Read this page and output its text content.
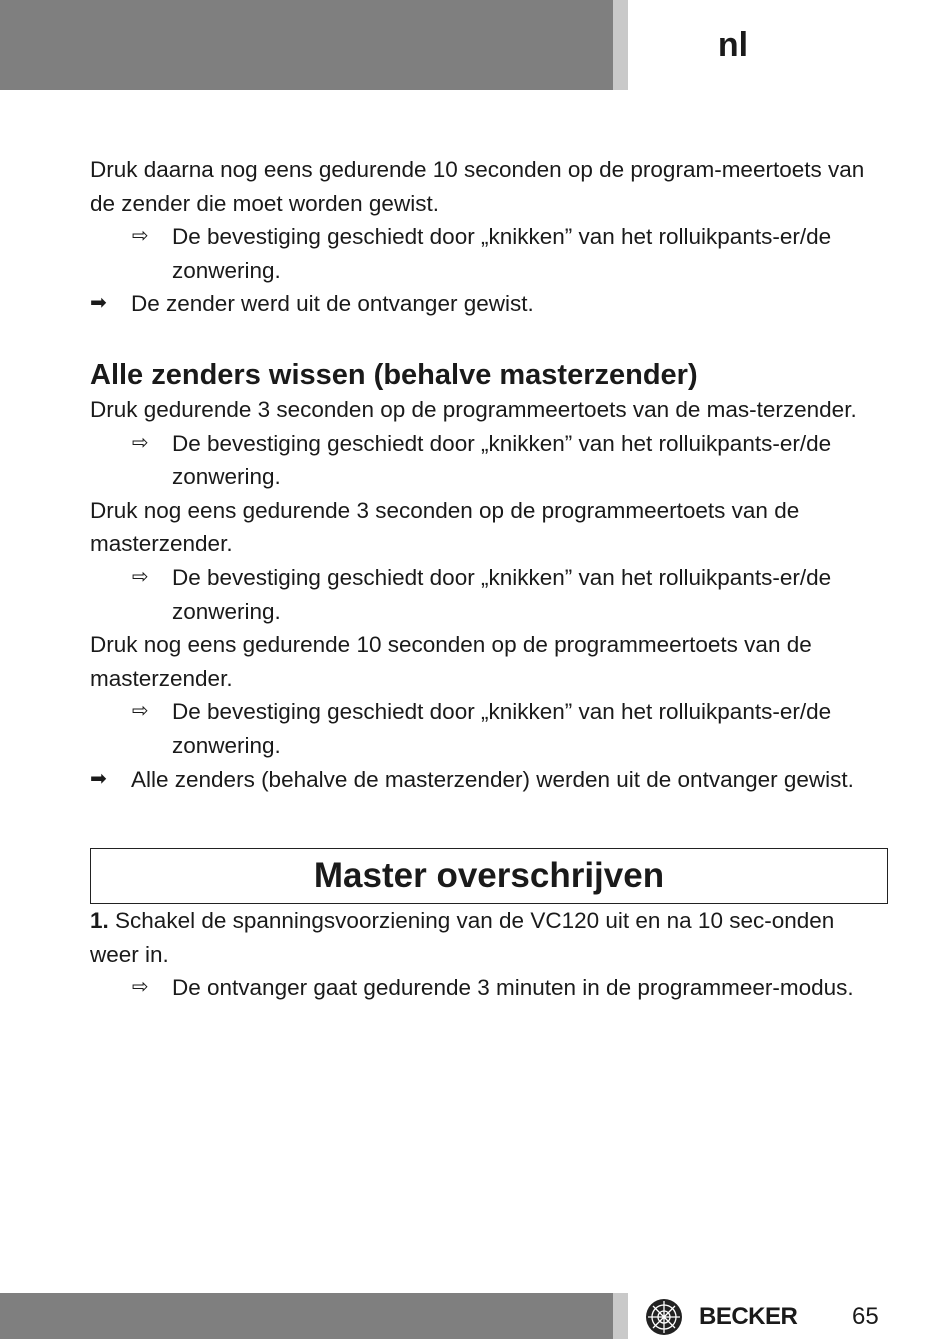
nl

Druk daarna nog eens gedurende 10 seconden op de program-meertoets van de zender die moet worden gewist.

⇨ De bevestiging geschiedt door „knikken” van het rolluikpants-er/de zonwering.
➡ De zender werd uit de ontvanger gewist.
Alle zenders wissen (behalve masterzender)

Druk gedurende 3 seconden op de programmeertoets van de mas-terzender.

⇨ De bevestiging geschiedt door „knikken” van het rolluikpants-er/de zonwering.

Druk nog eens gedurende 3 seconden op de programmeertoets van de masterzender.

⇨ De bevestiging geschiedt door „knikken” van het rolluikpants-er/de zonwering.

Druk nog eens gedurende 10 seconden op de programmeertoets van de masterzender.

⇨ De bevestiging geschiedt door „knikken” van het rolluikpants-er/de zonwering.
➡ Alle zenders (behalve de masterzender) werden uit de ontvanger gewist.
Master overschrijven

1. Schakel de spanningsvoorziening van de VC120 uit en na 10 sec-onden weer in.

⇨ De ontvanger gaat gedurende 3 minuten in de programmeer-modus.
BECKER 65
